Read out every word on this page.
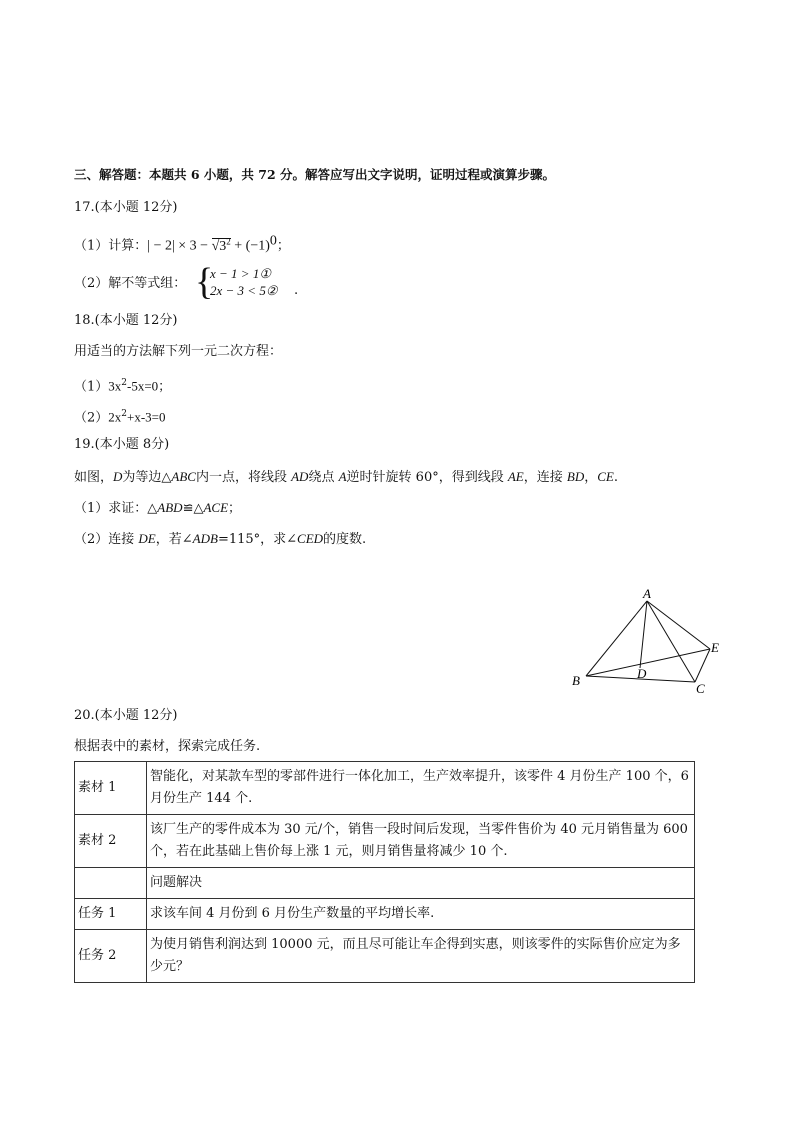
三、解答题：本题共 6 小题，共 72 分。解答应写出文字说明，证明过程或演算步骤。
17.(本小题 12分)
（1）计算：| − $2| \times 3 - √3^2 + (-1)^0$；
（2）解不等式组： {
x − 1 > 1①
2x − 3 < 5② .
18.(本小题 12分)
用适当的方法解下列一元二次方程：
$(1)3x^2-5x=0$；
$(2)2x^2+x-3=0$
19.(本小题 8分)
如图，D为等边△ABC内一点，将线段 AD绕点 A逆时针旋转 60°，得到线段 AE，连接 BD，CE.
（1）求证：△ABD≌△ACE；
（2）连接 DE，若∠ADB=115°，求∠CED的度数.
A
B
C
D
E
20.(本小题 12分)
根据表中的素材，探索完成任务.
素材 1	智能化，对某款车型的零部件进行一体化加工，生产效率提升，该零件 4 月份生产 100 个，6 月份生产 144 个.
素材 2	该厂生产的零件成本为 30 元/个，销售一段时间后发现，当零件售价为 40 元月销售量为 600 个，若在此基础上售价每上涨 1 元，则月销售量将减少 10 个.
	问题解决
任务 1	求该车间 4 月份到 6 月份生产数量的平均增长率.
任务 2	为使月销售利润达到 10000 元，而且尽可能让车企得到实惠，则该零件的实际售价应定为多少元？
